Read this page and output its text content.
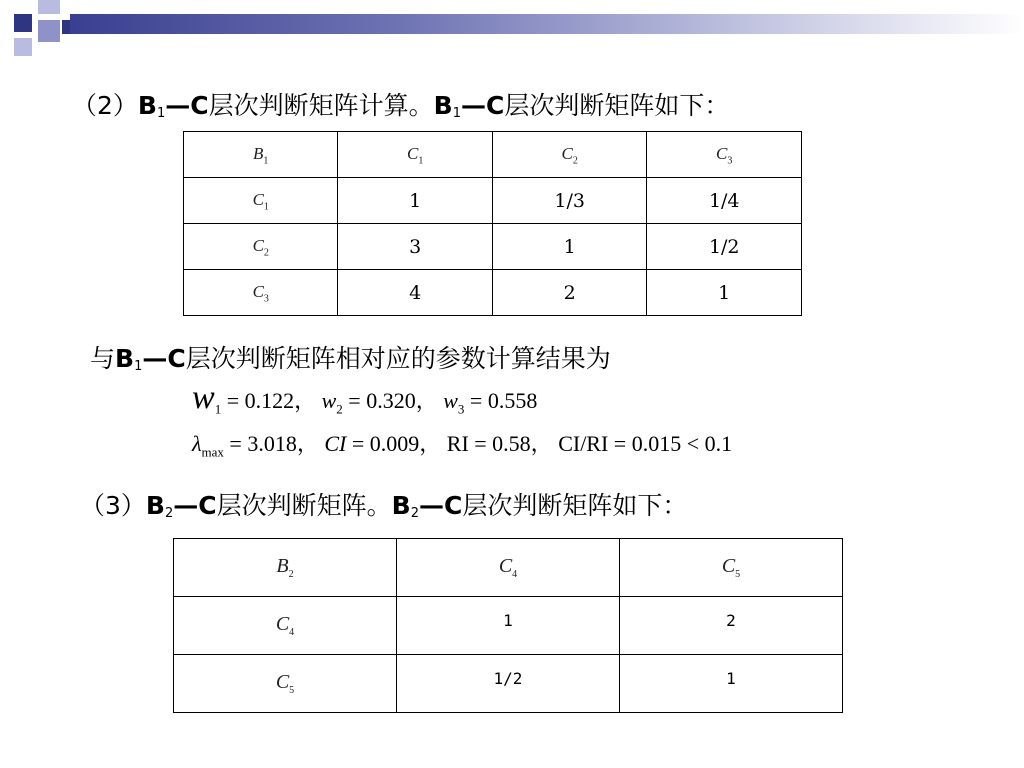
$(2)B_1—C$层次判断矩阵计算。$B_1—C$层次判断矩阵如下：
$B_1$	$C_1$	$C_2$	$C_3$
$C_1$	1	1/3	1/4
$C_2$	3	1	1/2
$C_3$	4	2	1
与$B_1—C$层次判断矩阵相对应的参数计算结果为
$w_1 = 0.122$， $w_2 = 0.320$， $w_3 = 0.558$
$\lambda_{max} = 3.018$， CI = 0.009， RI = 0.58， CI/RI = 0.015 < 0.1
$(3)B_2—C$层次判断矩阵。$B_2—C$层次判断矩阵如下：
$B_2$	$C_4$	$C_5$
$C_4$	1	2
$C_5$	1/2	1
